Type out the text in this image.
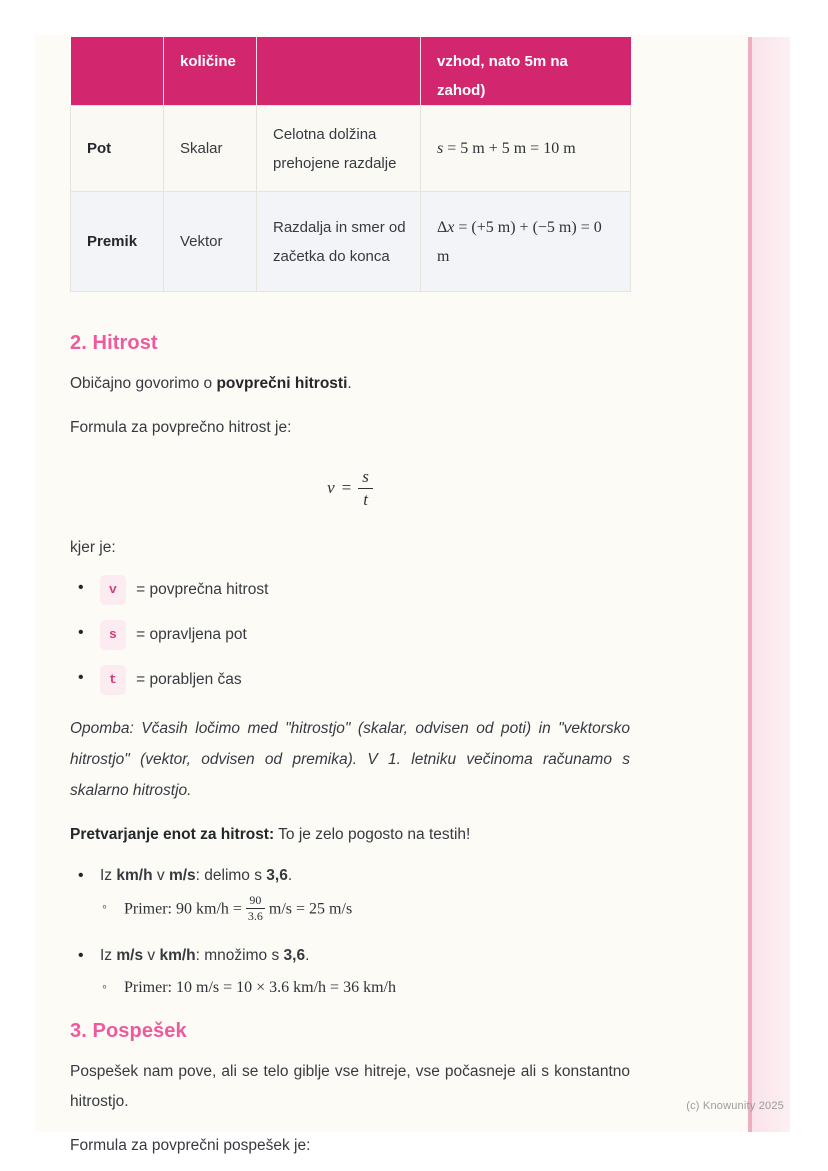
	količine		vzhod, nato 5m na zahod)
Pot	Skalar	Celotna dolžina prehojene razdalje	s = 5 m + 5 m = 10 m
Premik	Vektor	Razdalja in smer od začetka do konca	Δx = (+5 m) + (−5 m) = 0 m
2. Hitrost

Običajno govorimo o povprečni hitrosti.

Formula za povprečno hitrost je:

$v = \frac{s}{t}$

kjer je:

• v = povprečna hitrost
• s = opravljena pot
• t = porabljen čas

Opomba: Včasih ločimo med "hitrostjo" (skalar, odvisen od poti) in "vektorsko hitrostjo" (vektor, odvisen od premika). V 1. letniku večinoma računamo s skalarno hitrostjo.

Pretvarjanje enot za hitrost: To je zelo pogosto na testih!

• Iz km/h v m/s: delimo s 3,6.
◦ Primer: 90 $km/h = \frac{90}{3.6} m/s = 25$ m/s
• Iz m/s v km/h: množimo s 3,6.
◦ Primer: 10 m/s = 10 × 3.6 km/h = 36 km/h
3. Pospešek

Pospešek nam pove, ali se telo giblje vse hitreje, vse počasneje ali s konstantno hitrostjo.

Formula za povprečni pospešek je:

(c) Knowunity 2025
